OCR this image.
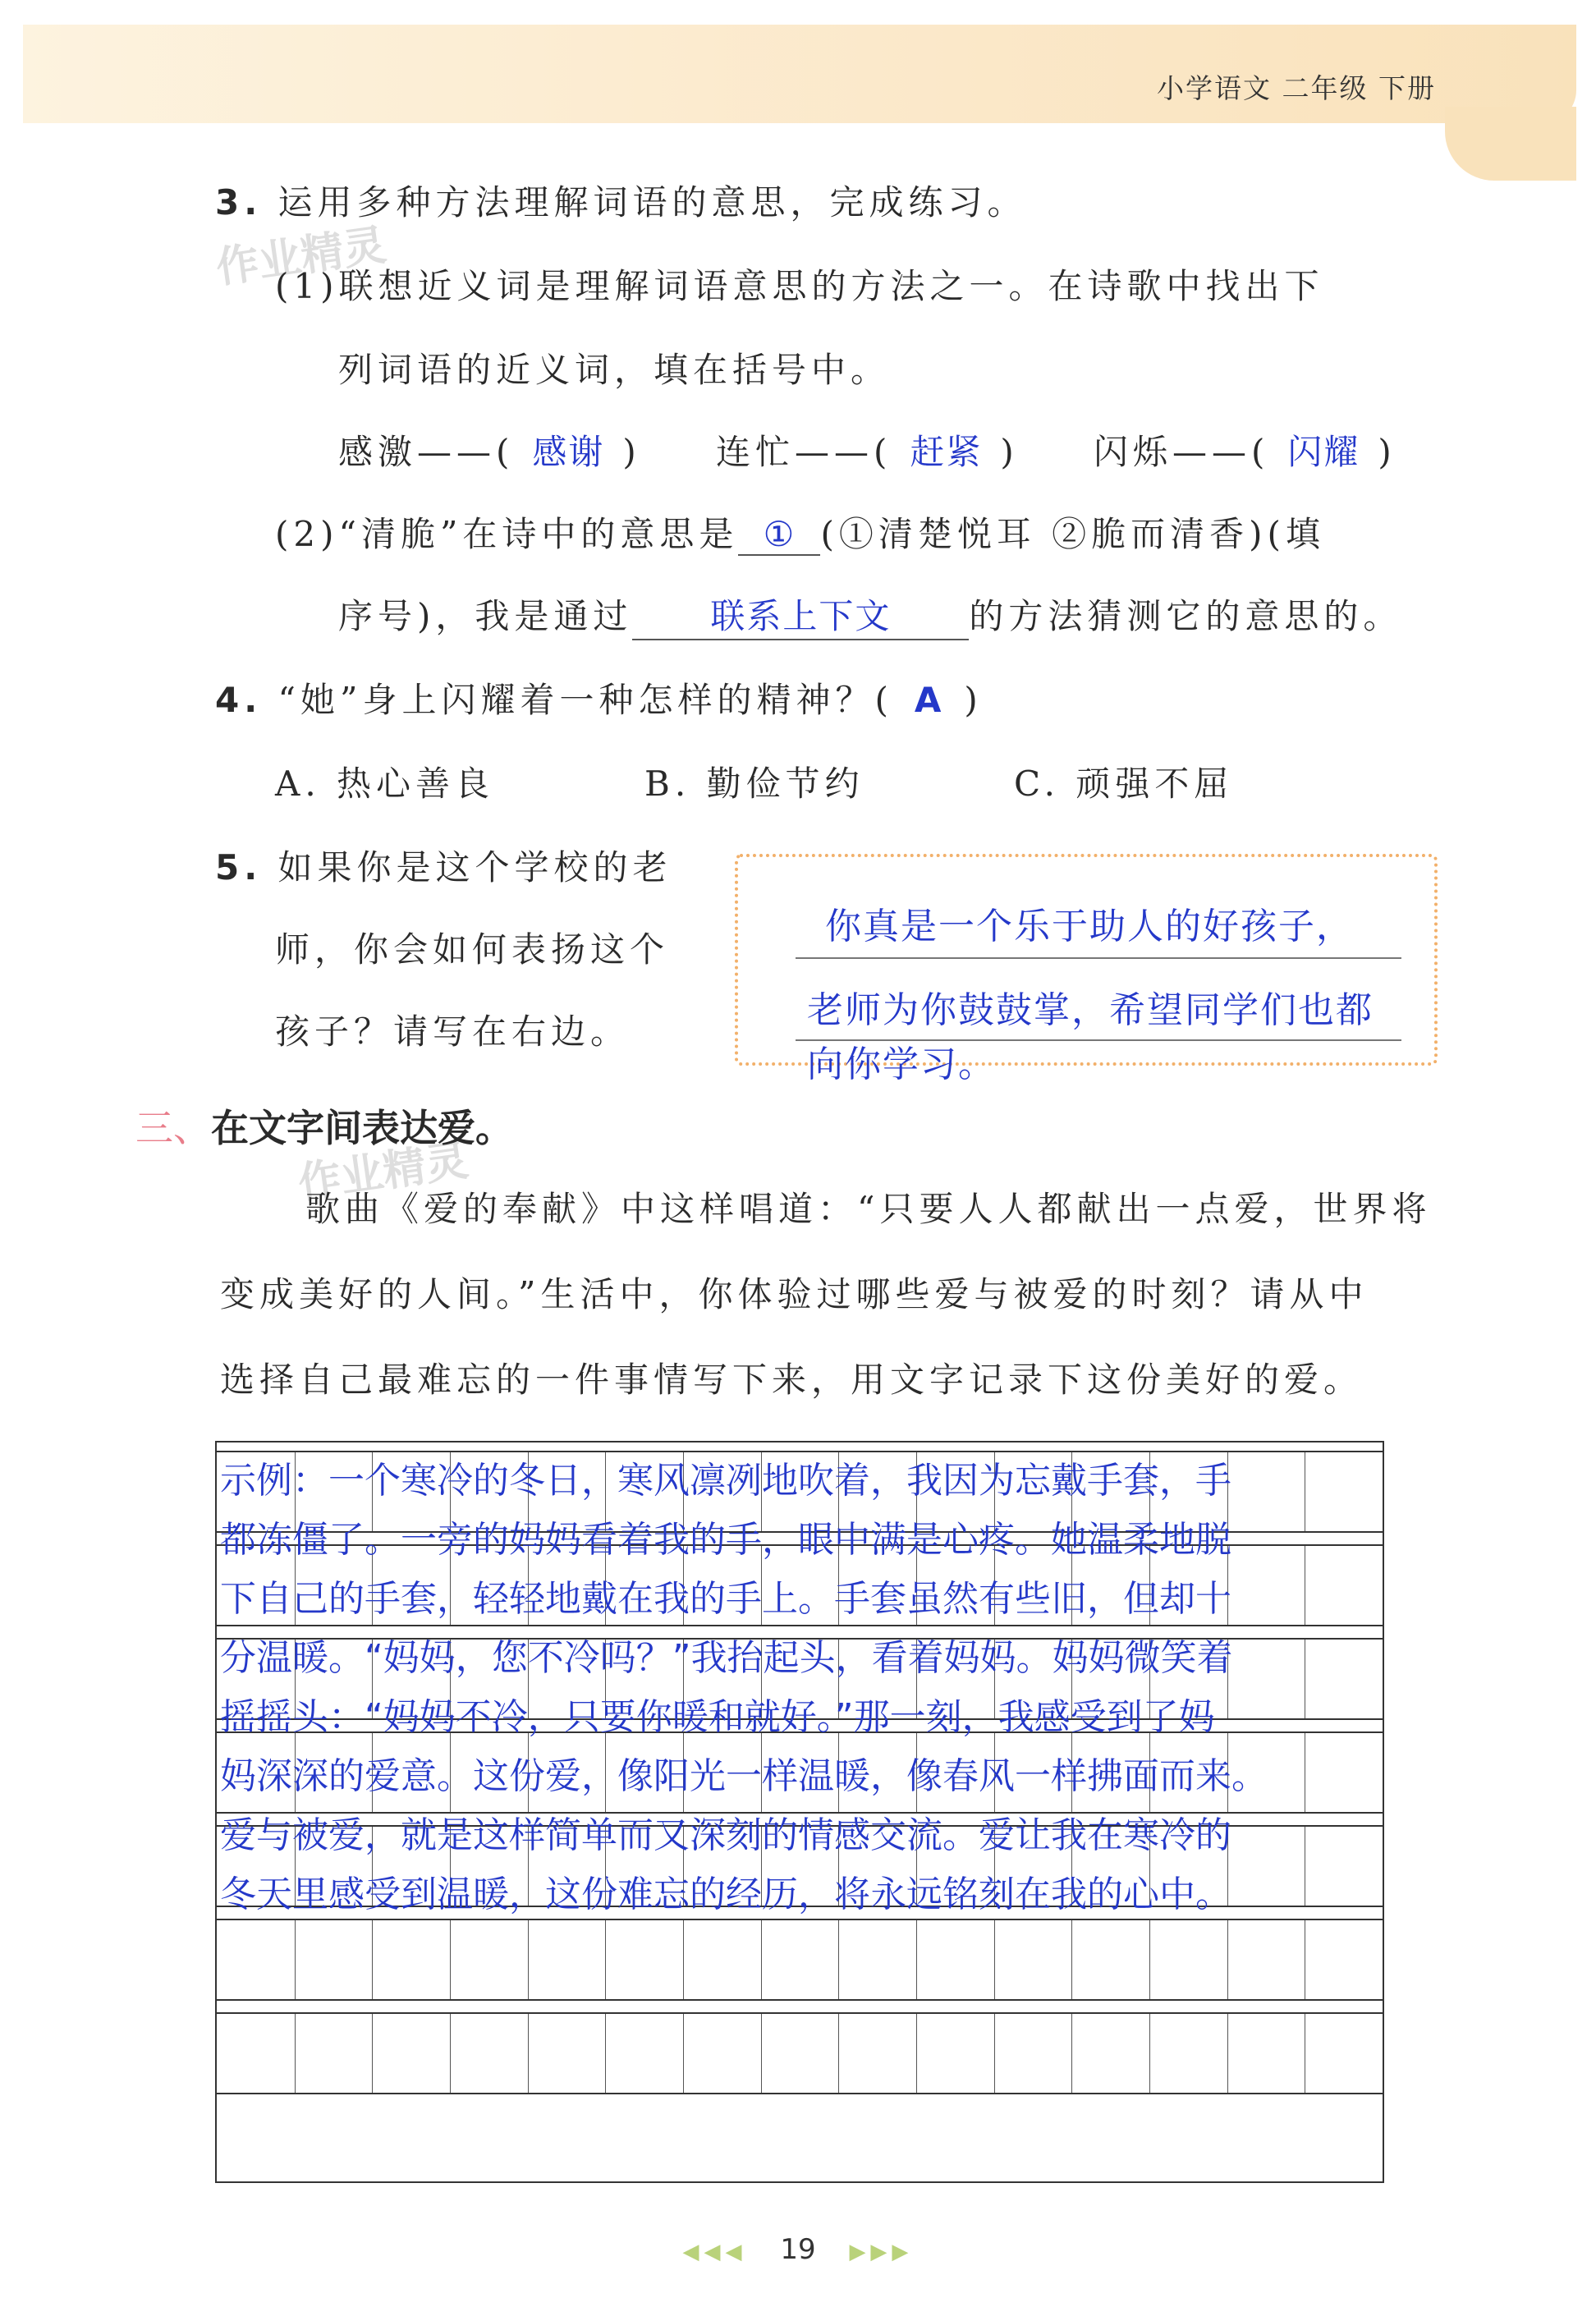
小学语文 二年级 下册
作业精灵
作业精灵
3. 运用多种方法理解词语的意思，完成练习。
(1)联想近义词是理解词语意思的方法之一。在诗歌中找出下
列词语的近义词，填在括号中。
感激——( 感谢 ) 连忙——( 赶紧 ) 闪烁——( 闪耀 )
(2)“清脆”在诗中的意思是 ① (①清楚悦耳 ②脆而清香)(填
序号)，我是通过 联系上下文 的方法猜测它的意思的。
4. “她”身上闪耀着一种怎样的精神？( A )
A. 热心善良	B. 勤俭节约	C. 顽强不屈
5. 如果你是这个学校的老
师，你会如何表扬这个
孩子？请写在右边。
你真是一个乐于助人的好孩子，
老师为你鼓鼓掌，希望同学们也都
向你学习。
三、在文字间表达爱。
歌曲《爱的奉献》中这样唱道：“只要人人都献出一点爱，世界将
变成美好的人间。”生活中，你体验过哪些爱与被爱的时刻？请从中
选择自己最难忘的一件事情写下来，用文字记录下这份美好的爱。
示例：一个寒冷的冬日，寒风凛冽地吹着，我因为忘戴手套，手
都冻僵了。一旁的妈妈看着我的手，眼中满是心疼。她温柔地脱
下自己的手套，轻轻地戴在我的手上。手套虽然有些旧，但却十
分温暖。“妈妈，您不冷吗？”我抬起头，看着妈妈。妈妈微笑着
摇摇头：“妈妈不冷，只要你暖和就好。”那一刻，我感受到了妈
妈深深的爱意。这份爱，像阳光一样温暖，像春风一样拂面而来。
爱与被爱，就是这样简单而又深刻的情感交流。爱让我在寒冷的
冬天里感受到温暖，这份难忘的经历，将永远铭刻在我的心中。
◀◀◀ 19 ▶▶▶
